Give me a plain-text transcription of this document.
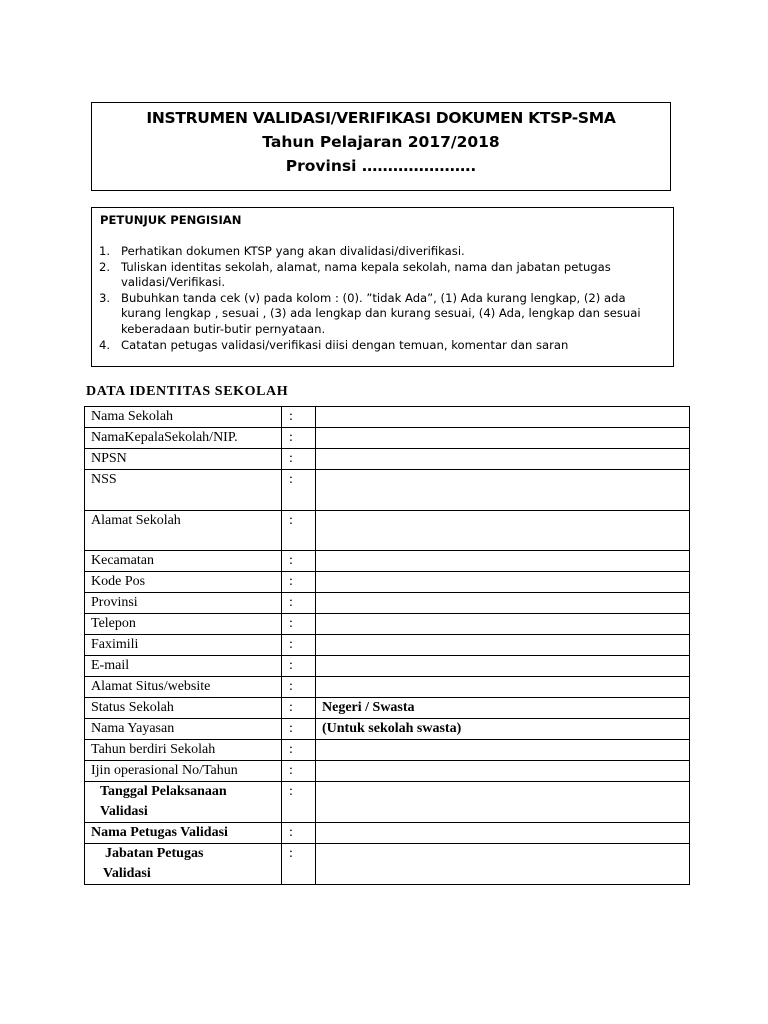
INSTRUMEN VALIDASI/VERIFIKASI DOKUMEN KTSP-SMA
Tahun Pelajaran 2017/2018
Provinsi ………………….
PETUNJUK PENGISIAN
1. Perhatikan dokumen KTSP yang akan divalidasi/diverifikasi.
2. Tuliskan identitas sekolah, alamat, nama kepala sekolah, nama dan jabatan petugas validasi/Verifikasi.
3. Bubuhkan tanda cek (v) pada kolom : (0). ”tidak Ada”, (1) Ada kurang lengkap, (2) ada kurang lengkap , sesuai , (3) ada lengkap dan kurang sesuai, (4) Ada, lengkap dan sesuai keberadaan butir-butir pernyataan.
4. Catatan petugas validasi/verifikasi diisi dengan temuan, komentar dan saran
DATA IDENTITAS SEKOLAH
Nama Sekolah	:	
NamaKepalaSekolah/NIP.	:	
NPSN	:	
NSS	:	
Alamat Sekolah	:	
Kecamatan	:	
Kode Pos	:	
Provinsi	:	
Telepon	:	
Faximili	:	
E-mail	:	
Alamat Situs/website	:	
Status Sekolah	:	Negeri / Swasta
Nama Yayasan	:	(Untuk sekolah swasta)
Tahun berdiri Sekolah	:	
Ijin operasional No/Tahun	:	

Tanggal Pelaksanaan
Validasi	:	
Nama Petugas Validasi	:	

Jabatan Petugas
Validasi	:	
